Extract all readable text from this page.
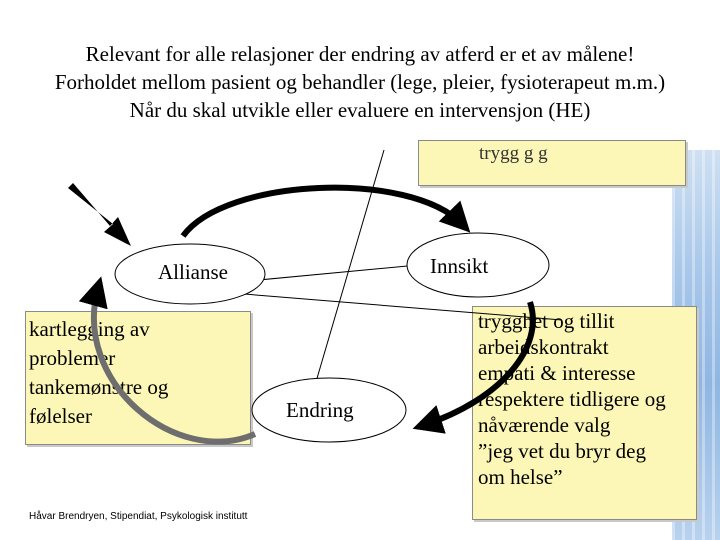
trygg g g
kartlegging av
problemer
tankemønstre og
følelser
trygghet og tillit
arbeidskontrakt
empati & interesse
respektere tidligere og
nåværende valg
”jeg vet du bryr deg
om helse”
Allianse	Innsikt
Endring
Relevant for alle relasjoner der endring av atferd er et av målene!
Forholdet mellom pasient og behandler (lege, pleier, fysioterapeut m.m.)
Når du skal utvikle eller evaluere en intervensjon (HE)
Håvar Brendryen, Stipendiat, Psykologisk institutt
